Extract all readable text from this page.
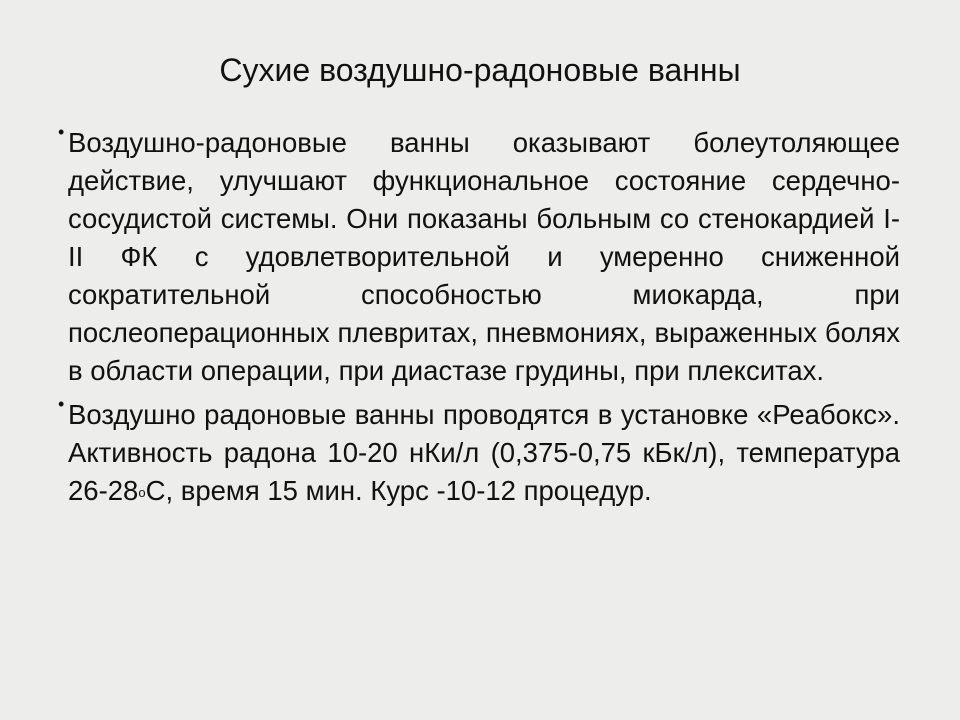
Сухие воздушно-радоновые ванны

• Воздушно-радоновые ванны оказывают болеутоляющее действие, улучшают функциональное состояние сердечно-сосудистой системы. Они показаны больным со стенокардией I-II ФК с удовлетворительной и умеренно сниженной сократительной способностью миокарда, при послеоперационных плевритах, пневмониях, выраженных болях в области операции, при диастазе грудины, при плекситах.

• Воздушно радоновые ванны проводятся в установке «Реабокс». Активность радона 10-20 нКи/л (0,375-0,75 кБк/л), температура $26-28^оС$, время 15 мин. Курс -10-12 процедур.
